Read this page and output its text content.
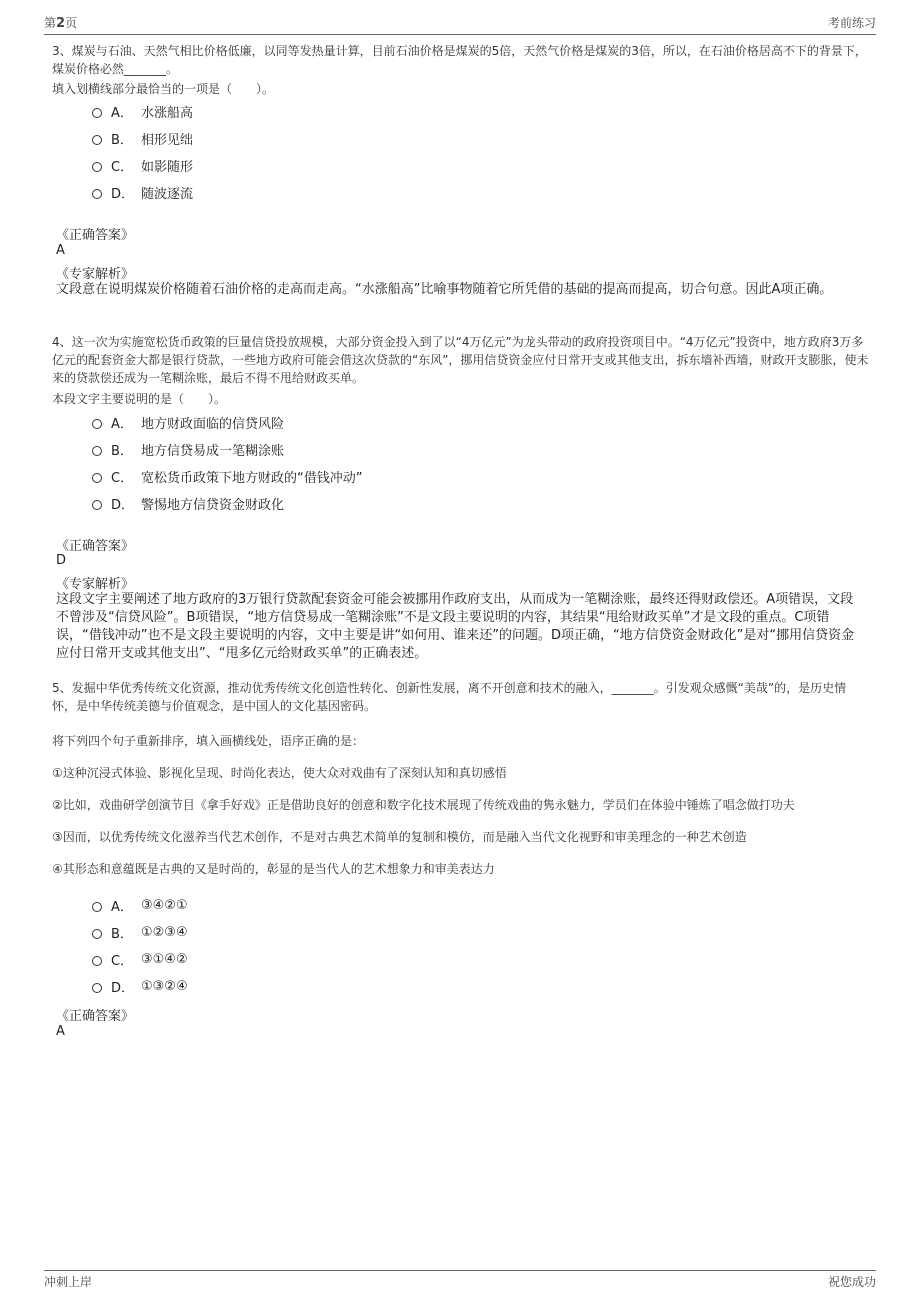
第2页	考前练习
3、煤炭与石油、天然气相比价格低廉，以同等发热量计算，目前石油价格是煤炭的5倍，天然气价格是煤炭的3倍，所以，在石油价格居高不下的背景下，煤炭价格必然_______。
填入划横线部分最恰当的一项是（　　）。
A． 水涨船高
B． 相形见绌
C． 如影随形
D． 随波逐流
《正确答案》
A
《专家解析》
文段意在说明煤炭价格随着石油价格的走高而走高。“水涨船高”比喻事物随着它所凭借的基础的提高而提高，切合句意。因此A项正确。
4、这一次为实施宽松货币政策的巨量信贷投放规模，大部分资金投入到了以“4万亿元”为龙头带动的政府投资项目中。“4万亿元”投资中，地方政府3万多亿元的配套资金大都是银行贷款，一些地方政府可能会借这次贷款的“东风”，挪用信贷资金应付日常开支或其他支出，拆东墙补西墙，财政开支膨胀，使未来的贷款偿还成为一笔糊涂账，最后不得不甩给财政买单。
本段文字主要说明的是（　　）。
A． 地方财政面临的信贷风险
B． 地方信贷易成一笔糊涂账
C． 宽松货币政策下地方财政的“借钱冲动”
D． 警惕地方信贷资金财政化
《正确答案》
D
《专家解析》
这段文字主要阐述了地方政府的3万银行贷款配套资金可能会被挪用作政府支出，从而成为一笔糊涂账，最终还得财政偿还。A项错误，文段不曾涉及“信贷风险”。B项错误，“地方信贷易成一笔糊涂账”不是文段主要说明的内容，其结果“甩给财政买单”才是文段的重点。C项错误，“借钱冲动”也不是文段主要说明的内容，文中主要是讲“如何用、谁来还”的问题。D项正确，“地方信贷资金财政化”是对“挪用信贷资金应付日常开支或其他支出”、“甩多亿元给财政买单”的正确表述。
5、发掘中华优秀传统文化资源，推动优秀传统文化创造性转化、创新性发展，离不开创意和技术的融入，_______。引发观众感慨“美哉”的，是历史情怀，是中华传统美德与价值观念，是中国人的文化基因密码。
将下列四个句子重新排序，填入画横线处，语序正确的是：
①这种沉浸式体验、影视化呈现、时尚化表达，使大众对戏曲有了深刻认知和真切感悟
②比如，戏曲研学创演节目《拿手好戏》正是借助良好的创意和数字化技术展现了传统戏曲的隽永魅力，学员们在体验中锤炼了唱念做打功夫
③因而，以优秀传统文化滋养当代艺术创作，不是对古典艺术简单的复制和模仿，而是融入当代文化视野和审美理念的一种艺术创造
④其形态和意蕴既是古典的又是时尚的，彰显的是当代人的艺术想象力和审美表达力
A． ③④②①
B． ①②③④
C． ③①④②
D． ①③②④
《正确答案》
A
冲刺上岸	祝您成功
